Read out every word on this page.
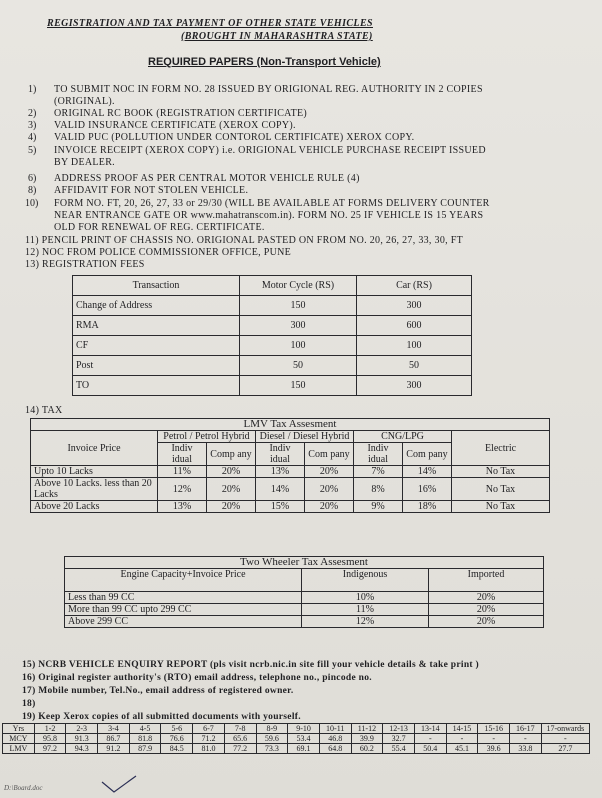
REGISTRATION AND TAX PAYMENT OF OTHER STATE VEHICLES
(BROUGHT IN MAHARASHTRA STATE)
REQUIRED PAPERS (Non-Transport Vehicle)
1) TO SUBMIT NOC IN FORM NO. 28 ISSUED BY ORIGIONAL REG. AUTHORITY IN 2 COPIES
(ORIGINAL).
2) ORIGINAL RC BOOK (REGISTRATION CERTIFICATE)
3) VALID INSURANCE CERTIFICATE (XEROX COPY).
4) VALID PUC (POLLUTION UNDER CONTOROL CERTIFICATE) XEROX COPY.
5) INVOICE RECEIPT (XEROX COPY) i.e. ORIGIONAL VEHICLE PURCHASE RECEIPT ISSUED
BY DEALER.
6) ADDRESS PROOF AS PER CENTRAL MOTOR VEHICLE RULE (4)
8) AFFIDAVIT FOR NOT STOLEN VEHICLE.
10) FORM NO. FT, 20, 26, 27, 33 or 29/30 (WILL BE AVAILABLE AT FORMS DELIVERY COUNTER
NEAR ENTRANCE GATE OR www.mahatranscom.in). FORM NO. 25 IF VEHICLE IS 15 YEARS
OLD FOR RENEWAL OF REG. CERTIFICATE.
11) PENCIL PRINT OF CHASSIS NO. ORIGIONAL PASTED ON FROM NO. 20, 26, 27, 33, 30, FT
12) NOC FROM POLICE COMMISSIONER OFFICE, PUNE
13) REGISTRATION FEES
Transaction	Motor Cycle (RS)	Car (RS)
Change of Address	150	300
RMA	300	600
CF	100	100
Post	50	50
TO	150	300
14) TAX
LMV Tax Assesment							
Invoice Price	Petrol / Petrol Hybrid		Diesel / Diesel Hybrid		CNG/LPG		Electric
	Indiv idual	Comp any	Indiv idual	Com pany	Indiv idual	Com pany	
Upto 10 Lacks	11%	20%	13%	20%	7%	14%	No Tax
Above 10 Lacks. less than 20 Lacks	12%	20%	14%	20%	8%	16%	No Tax
Above 20 Lacks	13%	20%	15%	20%	9%	18%	No Tax
Two Wheeler Tax Assesment		
Engine Capacity+Invoice Price	Indigenous	Imported
Less than 99 CC	10%	20%
More than 99 CC upto 299 CC	11%	20%
Above 299 CC	12%	20%
15) NCRB VEHICLE ENQUIRY REPORT (pls visit ncrb.nic.in site fill your vehicle details & take print )
16) Original register authority's (RTO) email address, telephone no., pincode no.
17) Mobile number, Tel.No., email address of registered owner.
18)
19) Keep Xerox copies of all submitted documents with yourself.
Yrs	1-2	2-3	3-4	4-5	5-6	6-7	7-8	8-9	9-10	10-11	11-12	12-13	13-14	14-15	15-16	16-17	17-onwards
MCY	95.8	91.3	86.7	81.8	76.6	71.2	65.6	59.6	53.4	46.8	39.9	32.7	-	-	-	-	-
LMV	97.2	94.3	91.2	87.9	84.5	81.0	77.2	73.3	69.1	64.8	60.2	55.4	50.4	45.1	39.6	33.8	27.7
D:\Board.doc
